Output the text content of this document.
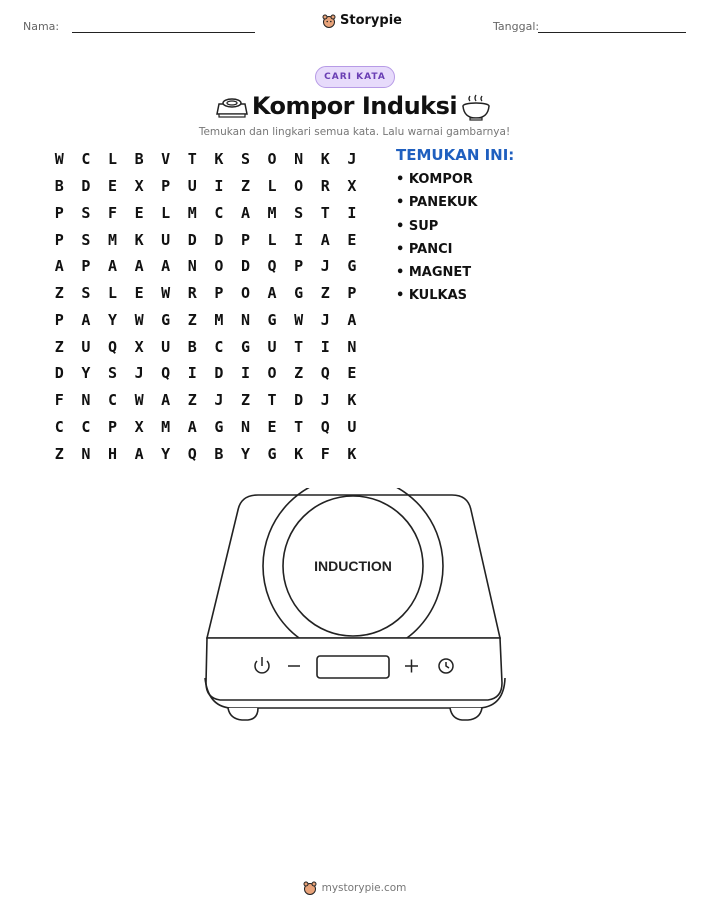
Nama:	Storypie	Tanggal:
CARI KATA
Kompor Induksi
Temukan dan lingkari semua kata. Lalu warnai gambarnya!
W	C	L	B	V	T	K	S	O	N	K	J
B	D	E	X	P	U	I	Z	L	O	R	X
P	S	F	E	L	M	C	A	M	S	T	I
P	S	M	K	U	D	D	P	L	I	A	E
A	P	A	A	A	N	O	D	Q	P	J	G
Z	S	L	E	W	R	P	O	A	G	Z	P
P	A	Y	W	G	Z	M	N	G	W	J	A
Z	U	Q	X	U	B	C	G	U	T	I	N
D	Y	S	J	Q	I	D	I	O	Z	Q	E
F	N	C	W	A	Z	J	Z	T	D	J	K
C	C	P	X	M	A	G	N	E	T	Q	U
Z	N	H	A	Y	Q	B	Y	G	K	F	K
TEMUKAN INI:
• KOMPOR
• PANEKUK
• SUP
• PANCI
• MAGNET
• KULKAS
INDUCTION
mystorypie.com
